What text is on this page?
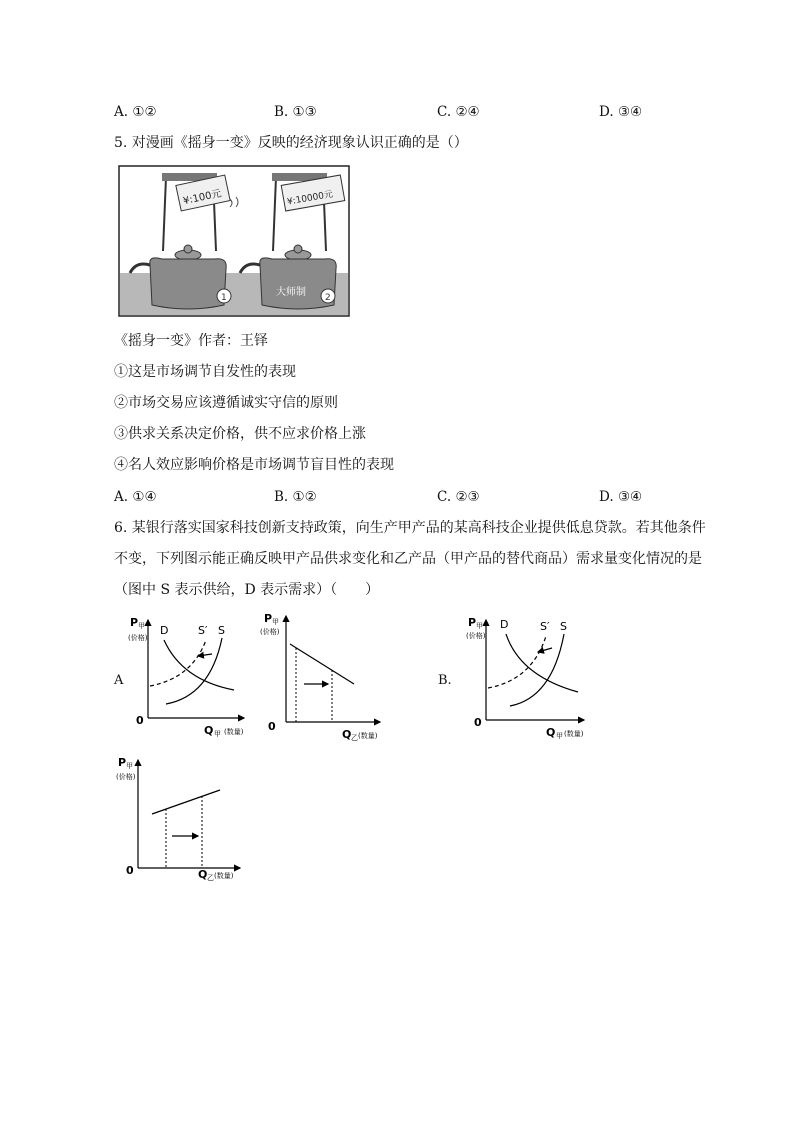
A. ①②	B. ①③	C. ②④	D. ③④
5. 对漫画《摇身一变》反映的经济现象认识正确的是（）
¥:100元	¥:10000元
大师制
1	2
《摇身一变》作者：王铎
①这是市场调节自发性的表现
②市场交易应该遵循诚实守信的原则
③供求关系决定价格，供不应求价格上涨
④名人效应影响价格是市场调节盲目性的表现
A. ①④	B. ①②	C. ②③	D. ③④
6. 某银行落实国家科技创新支持政策，向生产甲产品的某高科技企业提供低息贷款。若其他条件
不变，下列图示能正确反映甲产品供求变化和乙产品（甲产品的替代商品）需求量变化情况的是
（图中 S 表示供给，D 表示需求）（　　）
A	B.
P 甲
(价格)
0
Q 甲 (数量)
D	S′ S
P 甲
(价格)
0
Q 乙 (数量)
P 甲
(价格)
0
Q 甲 (数量)
D	S′ S
P 甲
(价格)
0	Q 乙 (数量)
